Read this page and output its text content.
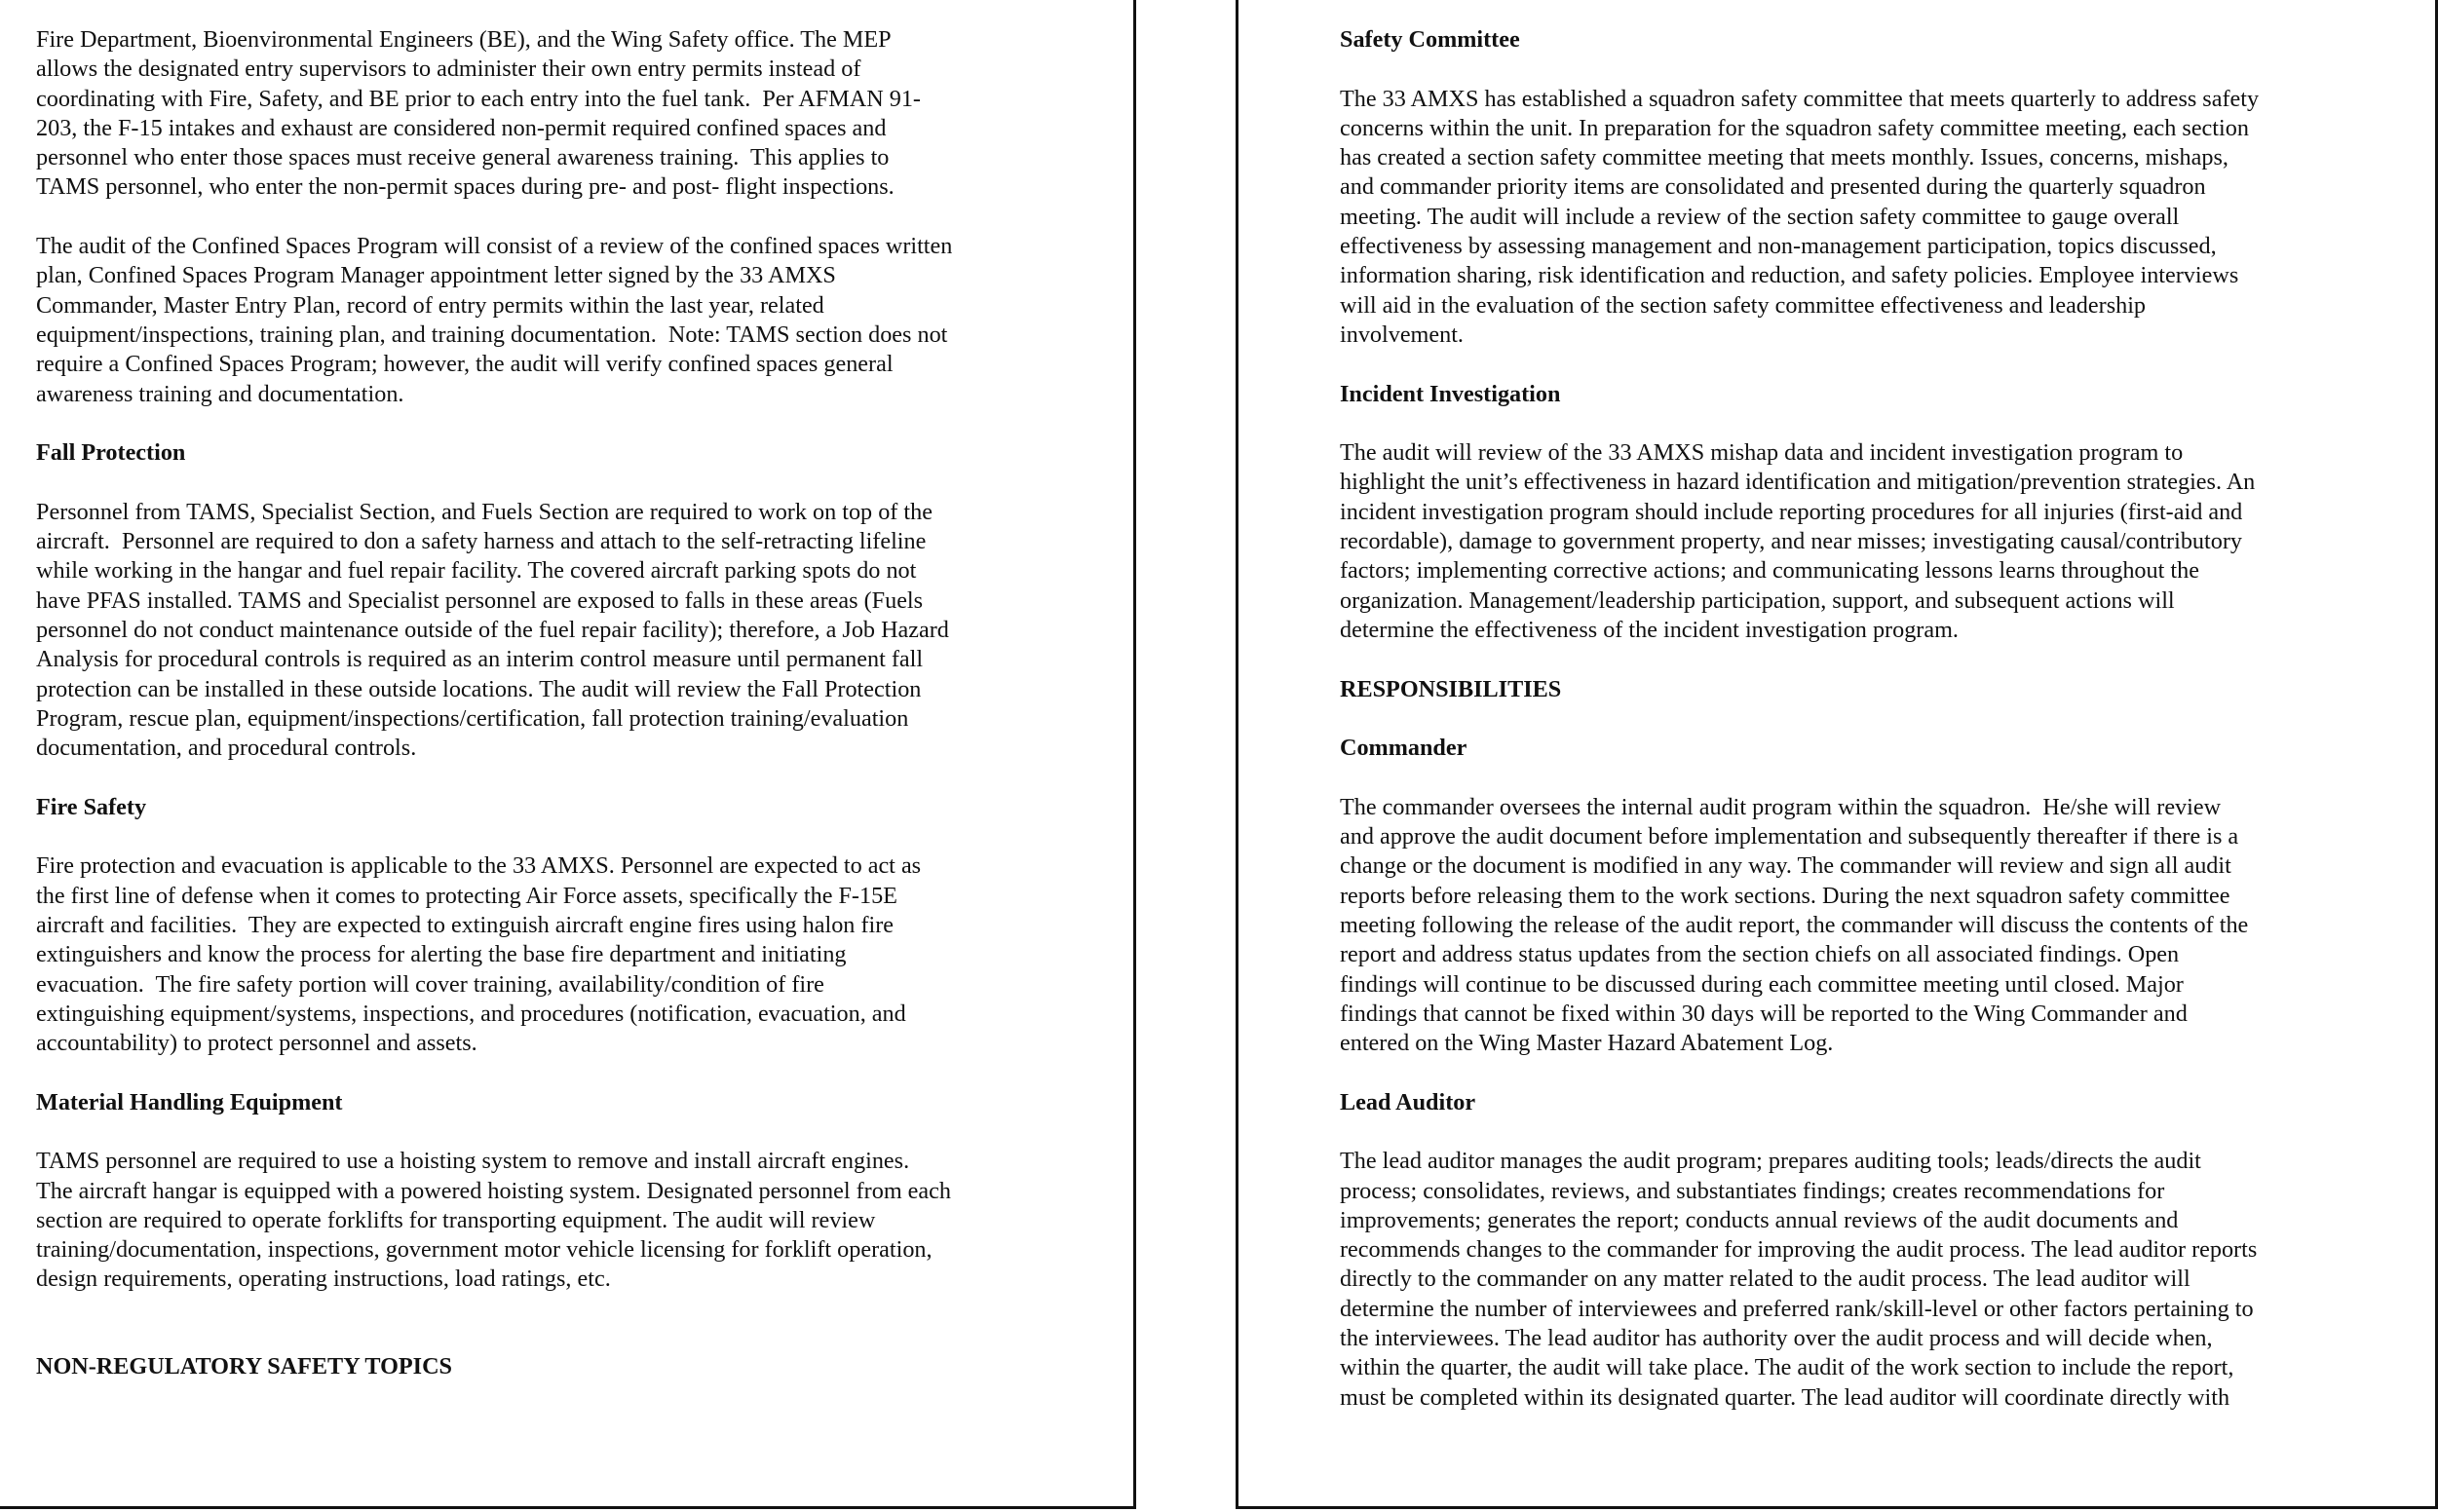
Fire Department, Bioenvironmental Engineers (BE), and the Wing Safety office. The MEP
allows the designated entry supervisors to administer their own entry permits instead of
coordinating with Fire, Safety, and BE prior to each entry into the fuel tank.  Per AFMAN 91-
203, the F-15 intakes and exhaust are considered non-permit required confined spaces and
personnel who enter those spaces must receive general awareness training.  This applies to
TAMS personnel, who enter the non-permit spaces during pre- and post- flight inspections.

The audit of the Confined Spaces Program will consist of a review of the confined spaces written
plan, Confined Spaces Program Manager appointment letter signed by the 33 AMXS
Commander, Master Entry Plan, record of entry permits within the last year, related
equipment/inspections, training plan, and training documentation.  Note: TAMS section does not
require a Confined Spaces Program; however, the audit will verify confined spaces general
awareness training and documentation.

Fall Protection

Personnel from TAMS, Specialist Section, and Fuels Section are required to work on top of the
aircraft.  Personnel are required to don a safety harness and attach to the self-retracting lifeline
while working in the hangar and fuel repair facility. The covered aircraft parking spots do not
have PFAS installed. TAMS and Specialist personnel are exposed to falls in these areas (Fuels
personnel do not conduct maintenance outside of the fuel repair facility); therefore, a Job Hazard
Analysis for procedural controls is required as an interim control measure until permanent fall
protection can be installed in these outside locations. The audit will review the Fall Protection
Program, rescue plan, equipment/inspections/certification, fall protection training/evaluation
documentation, and procedural controls.

Fire Safety

Fire protection and evacuation is applicable to the 33 AMXS. Personnel are expected to act as
the first line of defense when it comes to protecting Air Force assets, specifically the F-15E
aircraft and facilities.  They are expected to extinguish aircraft engine fires using halon fire
extinguishers and know the process for alerting the base fire department and initiating
evacuation.  The fire safety portion will cover training, availability/condition of fire
extinguishing equipment/systems, inspections, and procedures (notification, evacuation, and
accountability) to protect personnel and assets.

Material Handling Equipment

TAMS personnel are required to use a hoisting system to remove and install aircraft engines.
The aircraft hangar is equipped with a powered hoisting system. Designated personnel from each
section are required to operate forklifts for transporting equipment. The audit will review
training/documentation, inspections, government motor vehicle licensing for forklift operation,
design requirements, operating instructions, load ratings, etc.

NON-REGULATORY SAFETY TOPICS
Safety Committee

The 33 AMXS has established a squadron safety committee that meets quarterly to address safety
concerns within the unit. In preparation for the squadron safety committee meeting, each section
has created a section safety committee meeting that meets monthly. Issues, concerns, mishaps,
and commander priority items are consolidated and presented during the quarterly squadron
meeting. The audit will include a review of the section safety committee to gauge overall
effectiveness by assessing management and non-management participation, topics discussed,
information sharing, risk identification and reduction, and safety policies. Employee interviews
will aid in the evaluation of the section safety committee effectiveness and leadership
involvement.

Incident Investigation

The audit will review of the 33 AMXS mishap data and incident investigation program to
highlight the unit’s effectiveness in hazard identification and mitigation/prevention strategies. An
incident investigation program should include reporting procedures for all injuries (first-aid and
recordable), damage to government property, and near misses; investigating causal/contributory
factors; implementing corrective actions; and communicating lessons learns throughout the
organization. Management/leadership participation, support, and subsequent actions will
determine the effectiveness of the incident investigation program.

RESPONSIBILITIES
Commander

The commander oversees the internal audit program within the squadron.  He/she will review
and approve the audit document before implementation and subsequently thereafter if there is a
change or the document is modified in any way. The commander will review and sign all audit
reports before releasing them to the work sections. During the next squadron safety committee
meeting following the release of the audit report, the commander will discuss the contents of the
report and address status updates from the section chiefs on all associated findings. Open
findings will continue to be discussed during each committee meeting until closed. Major
findings that cannot be fixed within 30 days will be reported to the Wing Commander and
entered on the Wing Master Hazard Abatement Log.

Lead Auditor

The lead auditor manages the audit program; prepares auditing tools; leads/directs the audit
process; consolidates, reviews, and substantiates findings; creates recommendations for
improvements; generates the report; conducts annual reviews of the audit documents and
recommends changes to the commander for improving the audit process. The lead auditor reports
directly to the commander on any matter related to the audit process. The lead auditor will
determine the number of interviewees and preferred rank/skill-level or other factors pertaining to
the interviewees. The lead auditor has authority over the audit process and will decide when,
within the quarter, the audit will take place. The audit of the work section to include the report,
must be completed within its designated quarter. The lead auditor will coordinate directly with
